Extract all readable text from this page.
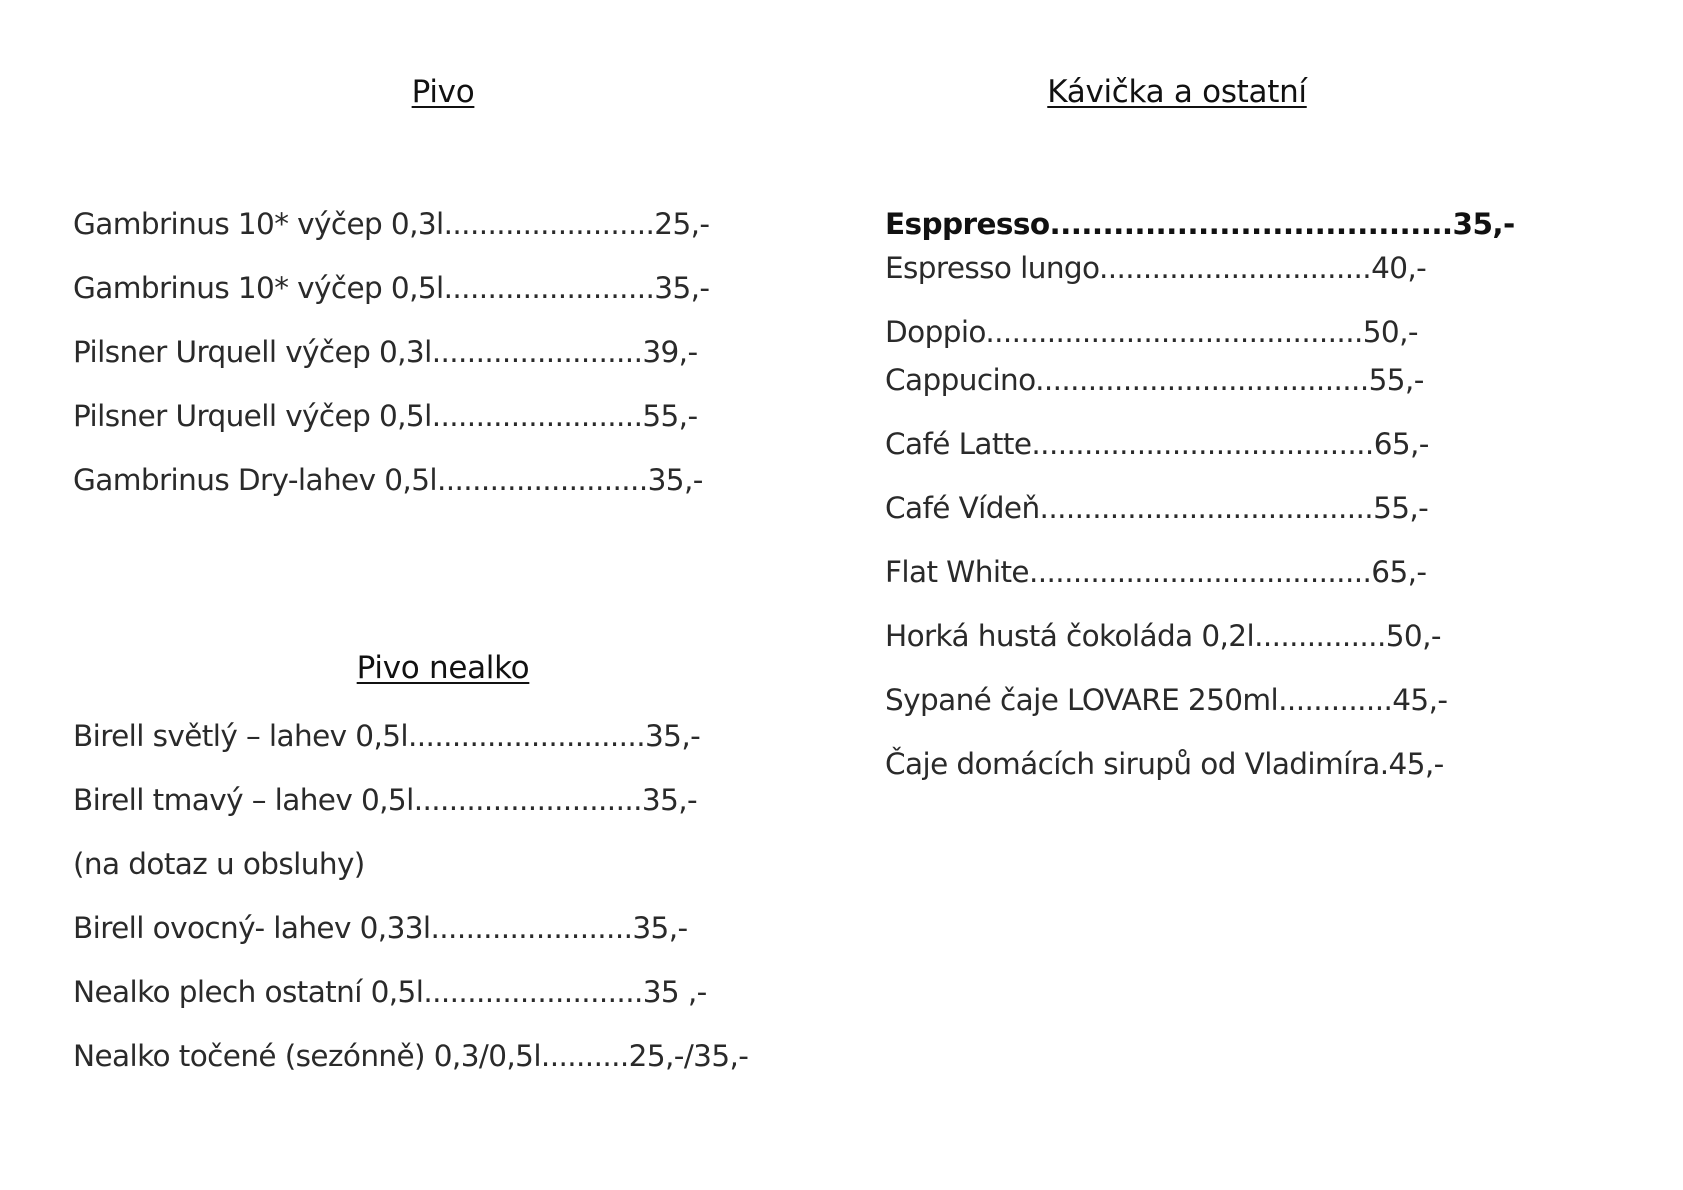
Pivo
Gambrinus 10* výčep 0,3l........................25,-
Gambrinus 10* výčep 0,5l........................35,-
Pilsner Urquell výčep 0,3l........................39,-
Pilsner Urquell výčep 0,5l........................55,-
Gambrinus Dry-lahev 0,5l........................35,-
Pivo nealko
Birell světlý – lahev 0,5l...........................35,-
Birell tmavý – lahev 0,5l..........................35,-
(na dotaz u obsluhy)
Birell ovocný- lahev 0,33l.......................35,-
Nealko plech ostatní 0,5l.........................35 ,-
Nealko točené (sezónně) 0,3/0,5l..........25,-/35,-
Kávička a ostatní
Esppresso......................................35,-
Espresso lungo...............................40,-
Doppio...........................................50,-
Cappucino......................................55,-
Café Latte.......................................65,-
Café Vídeň......................................55,-
Flat White.......................................65,-
Horká hustá čokoláda 0,2l...............50,-
Sypané čaje LOVARE 250ml.............45,-
Čaje domácích sirupů od Vladimíra.45,-
